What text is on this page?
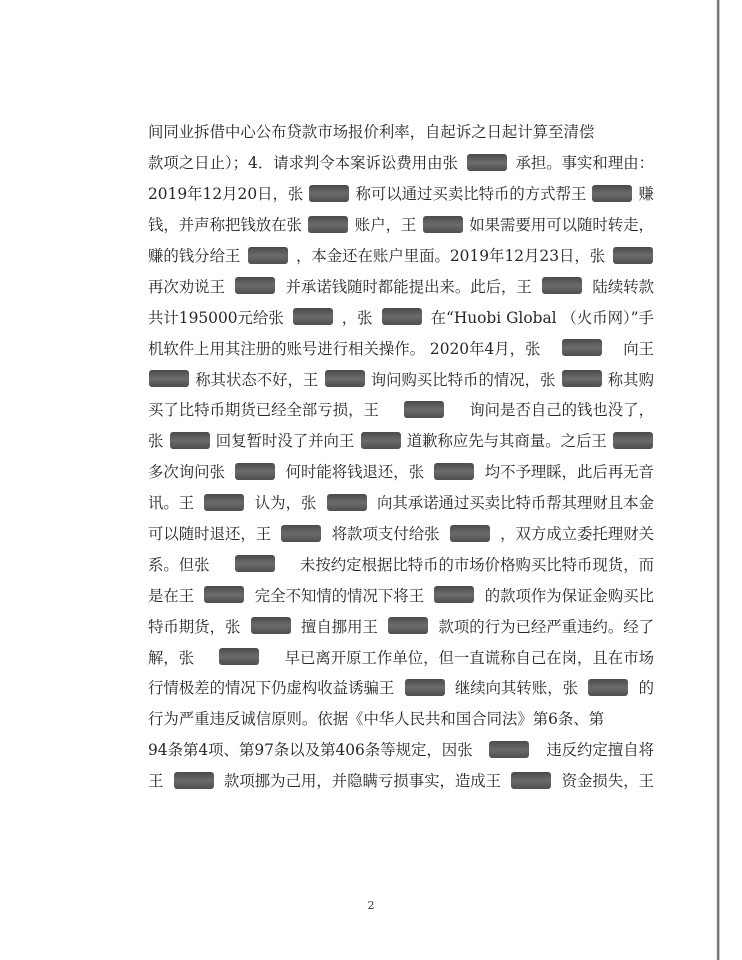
间同业拆借中心公布贷款市场报价利率，自起诉之日起计算至清偿
款项之日止）；4．请求判令本案诉讼费用由张	承担。事实和理由：
2019年12月20日，张	称可以通过买卖比特币的方式帮王	赚
钱，并声称把钱放在张	账户，王	如果需要用可以随时转走，
赚的钱分给王	，本金还在账户里面。2019年12月23日，张
再次劝说王	并承诺钱随时都能提出来。此后，王	陆续转款
共计195000元给张	，张	在“Huobi Global （火币网）”手
机软件上用其注册的账号进行相关操作。 2020年4月，张	向王
称其状态不好，王	询问购买比特币的情况，张	称其购
买了比特币期货已经全部亏损，王	询问是否自己的钱也没了，
张	回复暂时没了并向王	道歉称应先与其商量。之后王
多次询问张	何时能将钱退还，张	均不予理睬，此后再无音
讯。王	认为，张	向其承诺通过买卖比特币帮其理财且本金
可以随时退还，王	将款项支付给张	，双方成立委托理财关
系。但张	未按约定根据比特币的市场价格购买比特币现货，而
是在王	完全不知情的情况下将王	的款项作为保证金购买比
特币期货，张	擅自挪用王	款项的行为已经严重违约。经了
解，张	早已离开原工作单位，但一直谎称自己在岗，且在市场
行情极差的情况下仍虚构收益诱骗王	继续向其转账，张	的
行为严重违反诚信原则。依据《中华人民共和国合同法》第6条、第
94条第4项、第97条以及第406条等规定，因张	违反约定擅自将
王	款项挪为己用，并隐瞒亏损事实，造成王	资金损失，王
2
